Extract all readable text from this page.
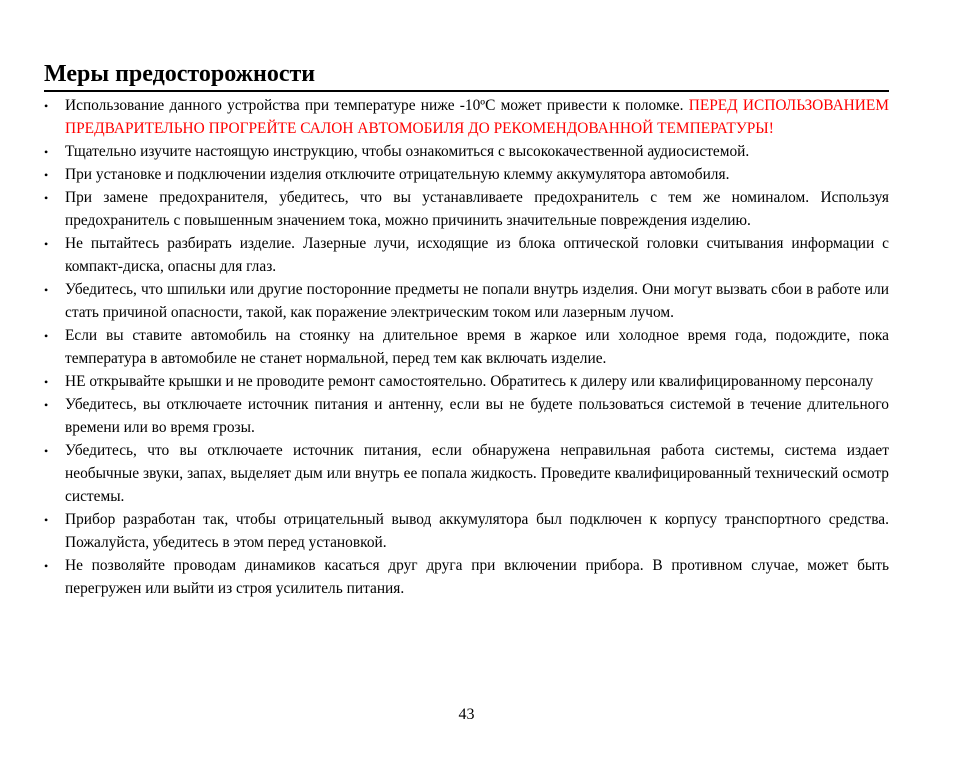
Меры предосторожности
• Использование данного устройства при температуре ниже -10ºC может привести к поломке. ПЕРЕД ИСПОЛЬЗОВАНИЕМ ПРЕДВАРИТЕЛЬНО ПРОГРЕЙТЕ САЛОН АВТОМОБИЛЯ ДО РЕКОМЕНДОВАННОЙ ТЕМПЕРАТУРЫ!
• Тщательно изучите настоящую инструкцию, чтобы ознакомиться с высококачественной аудиосистемой.
• При установке и подключении изделия отключите отрицательную клемму аккумулятора автомобиля.
• При замене предохранителя, убедитесь, что вы устанавливаете предохранитель с тем же номиналом. Используя предохранитель с повышенным значением тока, можно причинить значительные повреждения изделию.
• Не пытайтесь разбирать изделие. Лазерные лучи, исходящие из блока оптической головки считывания информации с компакт-диска, опасны для глаз.
• Убедитесь, что шпильки или другие посторонние предметы не попали внутрь изделия. Они могут вызвать сбои в работе или стать причиной опасности, такой, как поражение электрическим током или лазерным лучом.
• Если вы ставите автомобиль на стоянку на длительное время в жаркое или холодное время года, подождите, пока температура в автомобиле не станет нормальной, перед тем как включать изделие.
• НЕ открывайте крышки и не проводите ремонт самостоятельно. Обратитесь к дилеру или квалифицированному персоналу
• Убедитесь, вы отключаете источник питания и антенну, если вы не будете пользоваться системой в течение длительного времени или во время грозы.
• Убедитесь, что вы отключаете источник питания, если обнаружена неправильная работа системы, система издает необычные звуки, запах, выделяет дым или внутрь ее попала жидкость. Проведите квалифицированный технический осмотр системы.
• Прибор разработан так, чтобы отрицательный вывод аккумулятора был подключен к корпусу транспортного средства. Пожалуйста, убедитесь в этом перед установкой.
• Не позволяйте проводам динамиков касаться друг друга при включении прибора. В противном случае, может быть перегружен или выйти из строя усилитель питания.
43
